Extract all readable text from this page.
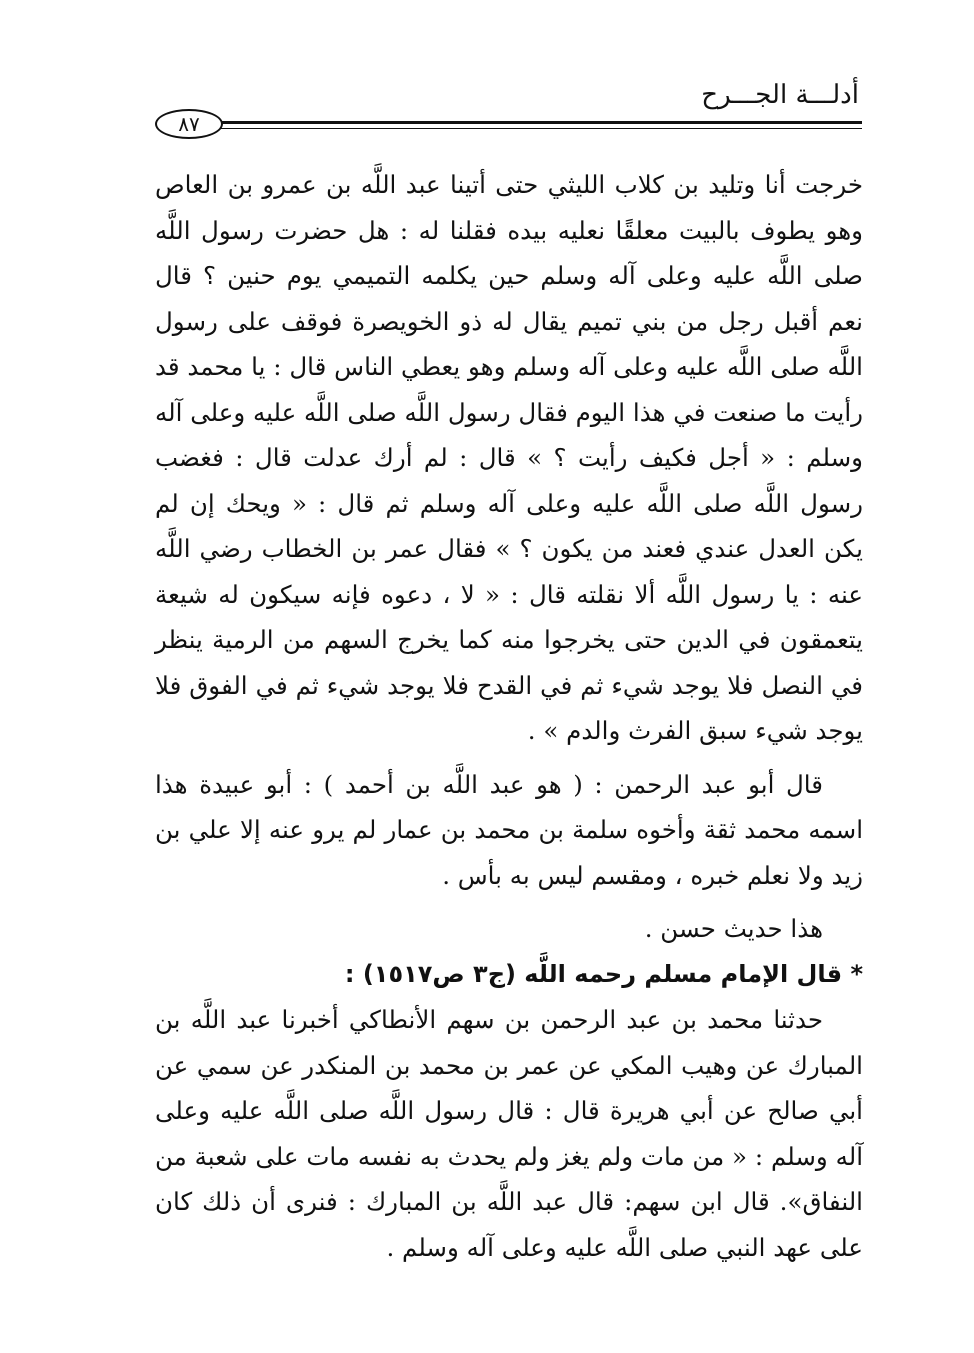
أدلـــة الجـــرح
٨٧

خرجت أنا وتليد بن كلاب الليثي حتى أتينا عبد اللَّه بن عمرو بن العاص وهو يطوف بالبيت معلقًا نعليه بيده فقلنا له : هل حضرت رسول اللَّه صلى اللَّه عليه وعلى آله وسلم حين يكلمه التميمي يوم حنين ؟ قال نعم أقبل رجل من بني تميم يقال له ذو الخويصرة فوقف على رسول اللَّه صلى اللَّه عليه وعلى آله وسلم وهو يعطي الناس قال : يا محمد قد رأيت ما صنعت في هذا اليوم فقال رسول اللَّه صلى اللَّه عليه وعلى آله وسلم : « أجل فكيف رأيت ؟ » قال : لم أرك عدلت قال : فغضب رسول اللَّه صلى اللَّه عليه وعلى آله وسلم ثم قال : « ويحك إن لم يكن العدل عندي فعند من يكون ؟ » فقال عمر بن الخطاب رضي اللَّه عنه : يا رسول اللَّه ألا نقلته قال : « لا ، دعوه فإنه سيكون له شيعة يتعمقون في الدين حتى يخرجوا منه كما يخرج السهم من الرمية ينظر في النصل فلا يوجد شيء ثم في القدح فلا يوجد شيء ثم في الفوق فلا يوجد شيء سبق الفرث والدم » .

قال أبو عبد الرحمن : ( هو عبد اللَّه بن أحمد ) : أبو عبيدة هذا اسمه محمد ثقة وأخوه سلمة بن محمد بن عمار لم يرو عنه إلا علي بن زيد ولا نعلم خبره ، ومقسم ليس به بأس .

هذا حديث حسن .

* قال الإمام مسلم رحمه اللَّه (ج٣ ص١٥١٧) :

حدثنا محمد بن عبد الرحمن بن سهم الأنطاكي أخبرنا عبد اللَّه بن المبارك عن وهيب المكي عن عمر بن محمد بن المنكدر عن سمي عن أبي صالح عن أبي هريرة قال : قال رسول اللَّه صلى اللَّه عليه وعلى آله وسلم : « من مات ولم يغز ولم يحدث به نفسه مات على شعبة من النفاق». قال ابن سهم: قال عبد اللَّه بن المبارك : فنرى أن ذلك كان على عهد النبي صلى اللَّه عليه وعلى آله وسلم .
